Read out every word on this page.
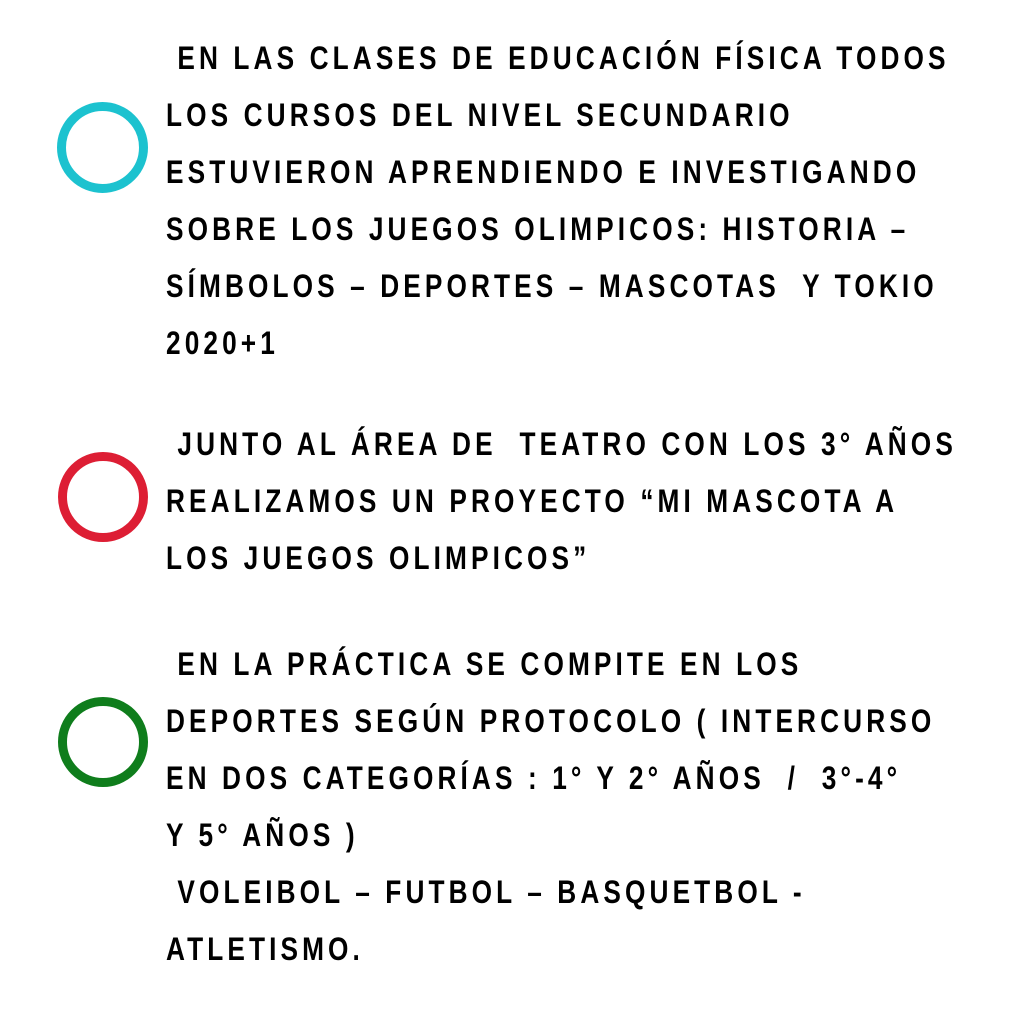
EN LAS CLASES DE EDUCACIÓN FÍSICA TODOS
LOS CURSOS DEL NIVEL SECUNDARIO
ESTUVIERON APRENDIENDO E INVESTIGANDO
SOBRE LOS JUEGOS OLIMPICOS: HISTORIA –
SÍMBOLOS – DEPORTES – MASCOTAS  Y TOKIO
2020+1
JUNTO AL ÁREA DE  TEATRO CON LOS 3° AÑOS
REALIZAMOS UN PROYECTO “MI MASCOTA A
LOS JUEGOS OLIMPICOS”
EN LA PRÁCTICA SE COMPITE EN LOS
DEPORTES SEGÚN PROTOCOLO ( INTERCURSO
EN DOS CATEGORÍAS : 1° Y 2° AÑOS  /  3°-4°
Y 5° AÑOS )
VOLEIBOL – FUTBOL – BASQUETBOL -
ATLETISMO.
